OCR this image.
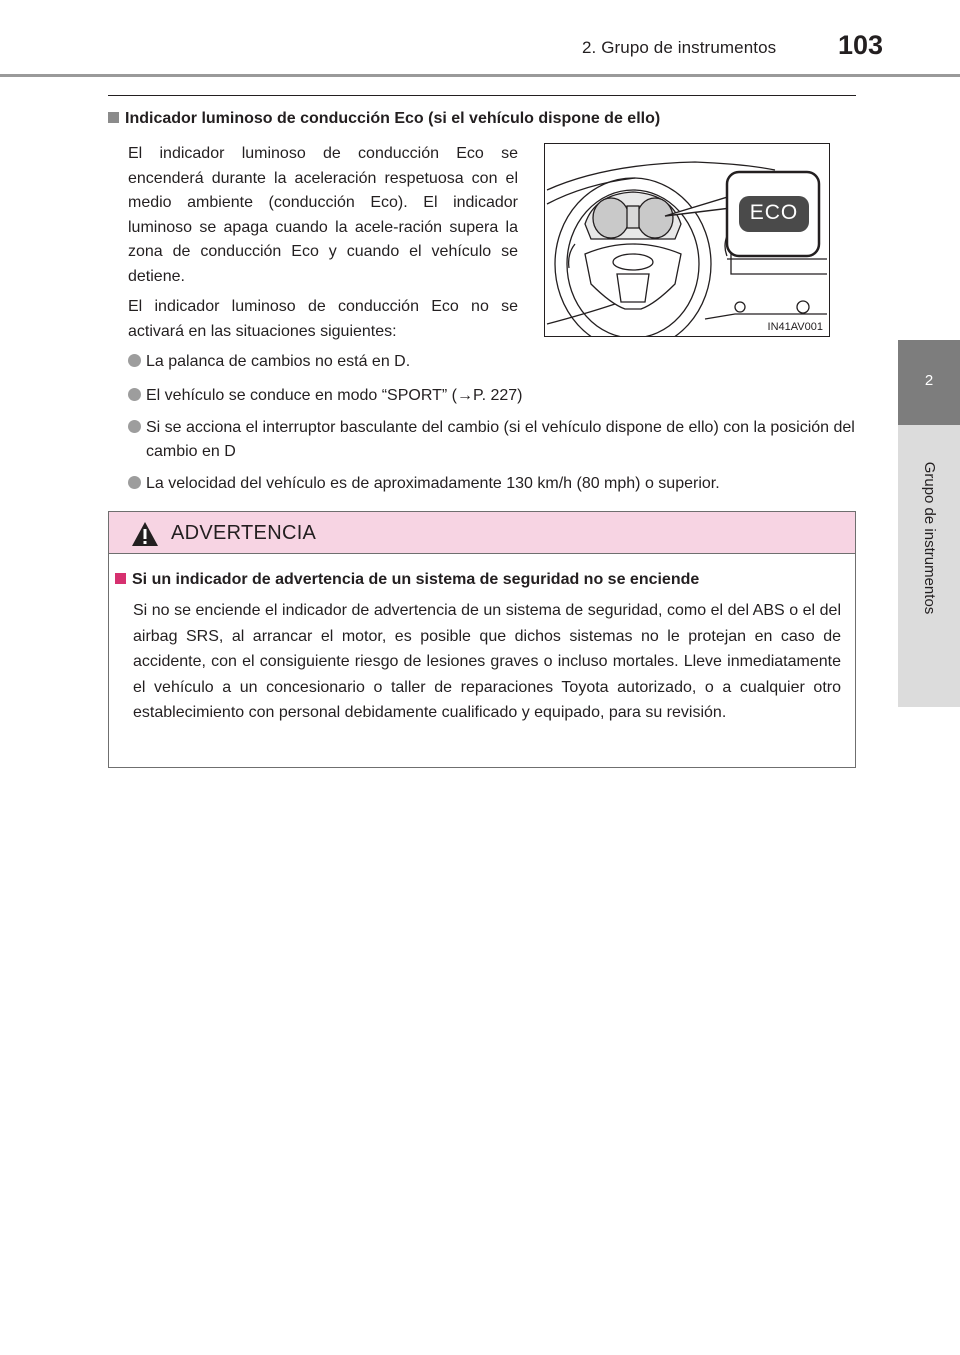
2. Grupo de instrumentos 103
2
Grupo de instrumentos
Indicador luminoso de conducción Eco (si el vehículo dispone de ello)

El indicador luminoso de conducción Eco se encenderá durante la aceleración respetuosa con el medio ambiente (conducción Eco). El indicador luminoso se apaga cuando la acele-ración supera la zona de conducción Eco y cuando el vehículo se detiene.

El indicador luminoso de conducción Eco no se activará en las situaciones siguientes:

La palanca de cambios no está en D.
El vehículo se conduce en modo “SPORT” (→P. 227)
Si se acciona el interruptor basculante del cambio (si el vehículo dispone de ello) con la posición del cambio en D
La velocidad del vehículo es de aproximadamente 130 km/h (80 mph) o superior.
ECO
IN41AV001
ADVERTENCIA
Si un indicador de advertencia de un sistema de seguridad no se enciende

Si no se enciende el indicador de advertencia de un sistema de seguridad, como el del ABS o el del airbag SRS, al arrancar el motor, es posible que dichos sistemas no le protejan en caso de accidente, con el consiguiente riesgo de lesiones graves o incluso mortales. Lleve inmediatamente el vehículo a un concesionario o taller de reparaciones Toyota autorizado, o a cualquier otro establecimiento con personal debidamente cualificado y equipado, para su revisión.
